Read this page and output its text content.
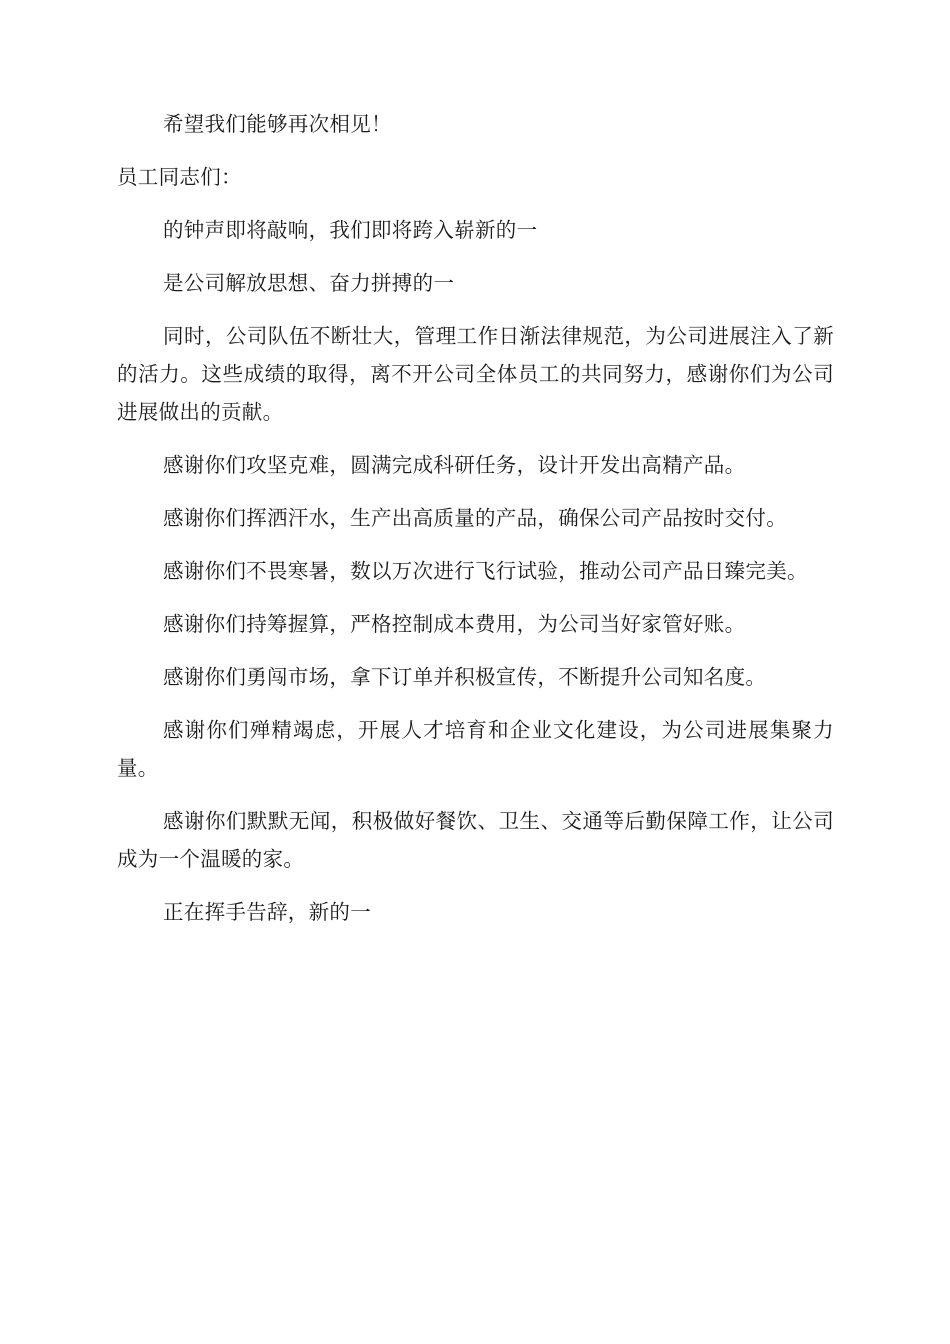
希望我们能够再次相见！

员工同志们：

的钟声即将敲响，我们即将跨入崭新的一

是公司解放思想、奋力拼搏的一

同时，公司队伍不断壮大，管理工作日渐法律规范，为公司进展注入了新的活力。这些成绩的取得，离不开公司全体员工的共同努力，感谢你们为公司进展做出的贡献。

感谢你们攻坚克难，圆满完成科研任务，设计开发出高精产品。

感谢你们挥洒汗水，生产出高质量的产品，确保公司产品按时交付。

感谢你们不畏寒暑，数以万次进行飞行试验，推动公司产品日臻完美。

感谢你们持筹握算，严格控制成本费用，为公司当好家管好账。

感谢你们勇闯市场，拿下订单并积极宣传，不断提升公司知名度。

感谢你们殚精竭虑，开展人才培育和企业文化建设，为公司进展集聚力量。

感谢你们默默无闻，积极做好餐饮、卫生、交通等后勤保障工作，让公司成为一个温暖的家。

正在挥手告辞，新的一
